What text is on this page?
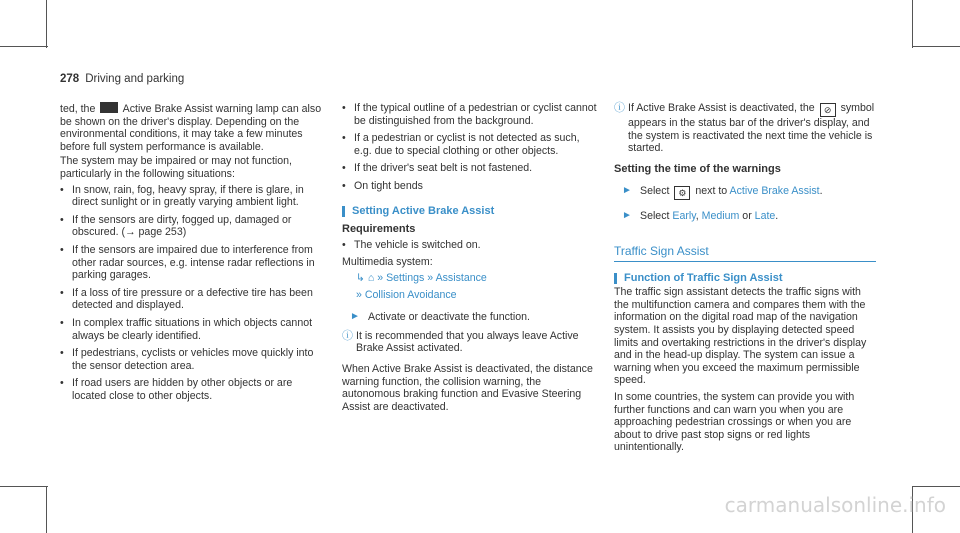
278 Driving and parking

ted, the	Active Brake Assist warning lamp can also be shown on the driver's display. Depending on the environmental conditions, it may take a few minutes before full system performance is available.

The system may be impaired or may not function, particularly in the following situations:

• In snow, rain, fog, heavy spray, if there is glare, in direct sunlight or in greatly varying ambient light.
• If the sensors are dirty, fogged up, damaged or obscured. (→ page 253)
• If the sensors are impaired due to interference from other radar sources, e.g. intense radar reflections in parking garages.
• If a loss of tire pressure or a defective tire has been detected and displayed.
• In complex traffic situations in which objects cannot always be clearly identified.
• If pedestrians, cyclists or vehicles move quickly into the sensor detection area.
• If road users are hidden by other objects or are located close to other objects.
• If the typical outline of a pedestrian or cyclist cannot be distinguished from the background.
• If a pedestrian or cyclist is not detected as such, e.g. due to special clothing or other objects.
• If the driver's seat belt is not fastened.
• On tight bends
Setting Active Brake Assist
Requirements
• The vehicle is switched on.

Multimedia system:

↳ ⌂ » Settings » Assistance
» Collision Avoidance
► Activate or deactivate the function.
ⓘ It is recommended that you always leave Active Brake Assist activated.

When Active Brake Assist is deactivated, the distance warning function, the collision warning, the autonomous braking function and Evasive Steering Assist are deactivated.

ⓘ If Active Brake Assist is deactivated, the ⊘ symbol appears in the status bar of the driver's display, and the system is reactivated the next time the vehicle is started.
Setting the time of the warnings
► Select ⚙ next to Active Brake Assist.
► Select Early, Medium or Late.
Traffic Sign Assist
Function of Traffic Sign Assist

The traffic sign assistant detects the traffic signs with the multifunction camera and compares them with the information on the digital road map of the navigation system. It assists you by displaying detected speed limits and overtaking restrictions in the driver's display and in the head-up display. The system can issue a warning when you exceed the maximum permissible speed.

In some countries, the system can provide you with further functions and can warn you when you are approaching pedestrian crossings or when you are about to drive past stop signs or red lights unintentionally.

carmanualsonline.info
